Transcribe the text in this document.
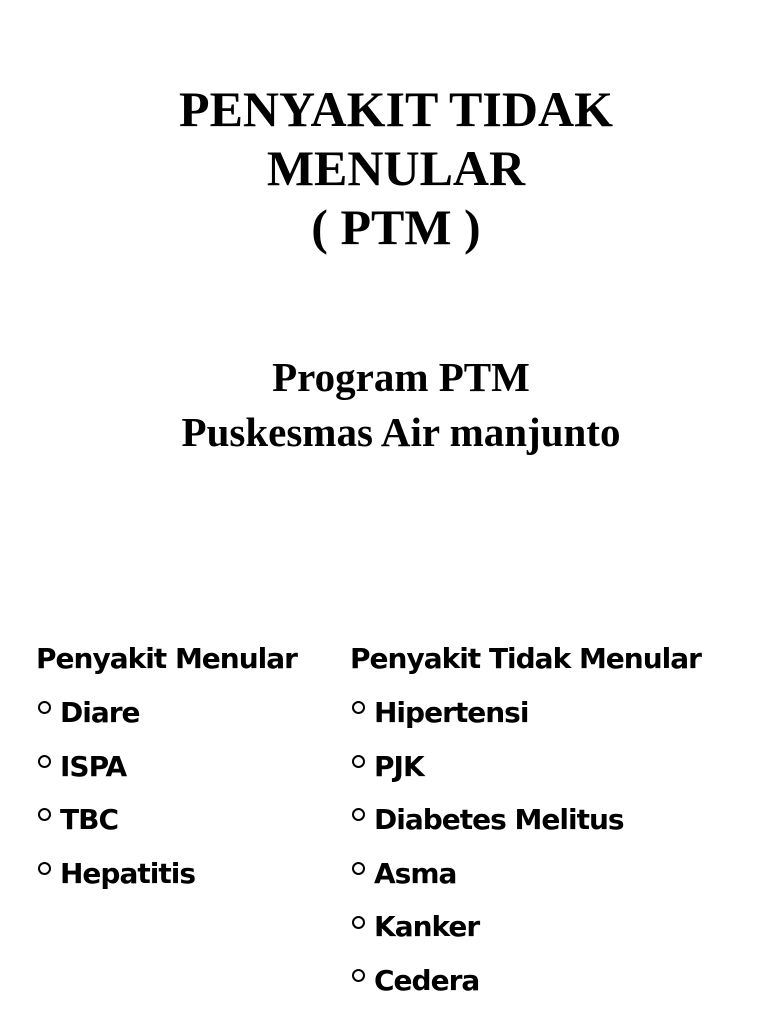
PENYAKIT TIDAK
MENULAR
( PTM )
Program PTM
Puskesmas Air manjunto
Penyakit Menular
Diare
ISPA
TBC
Hepatitis
Penyakit Tidak Menular
Hipertensi
PJK
Diabetes Melitus
Asma
Kanker
Cedera
